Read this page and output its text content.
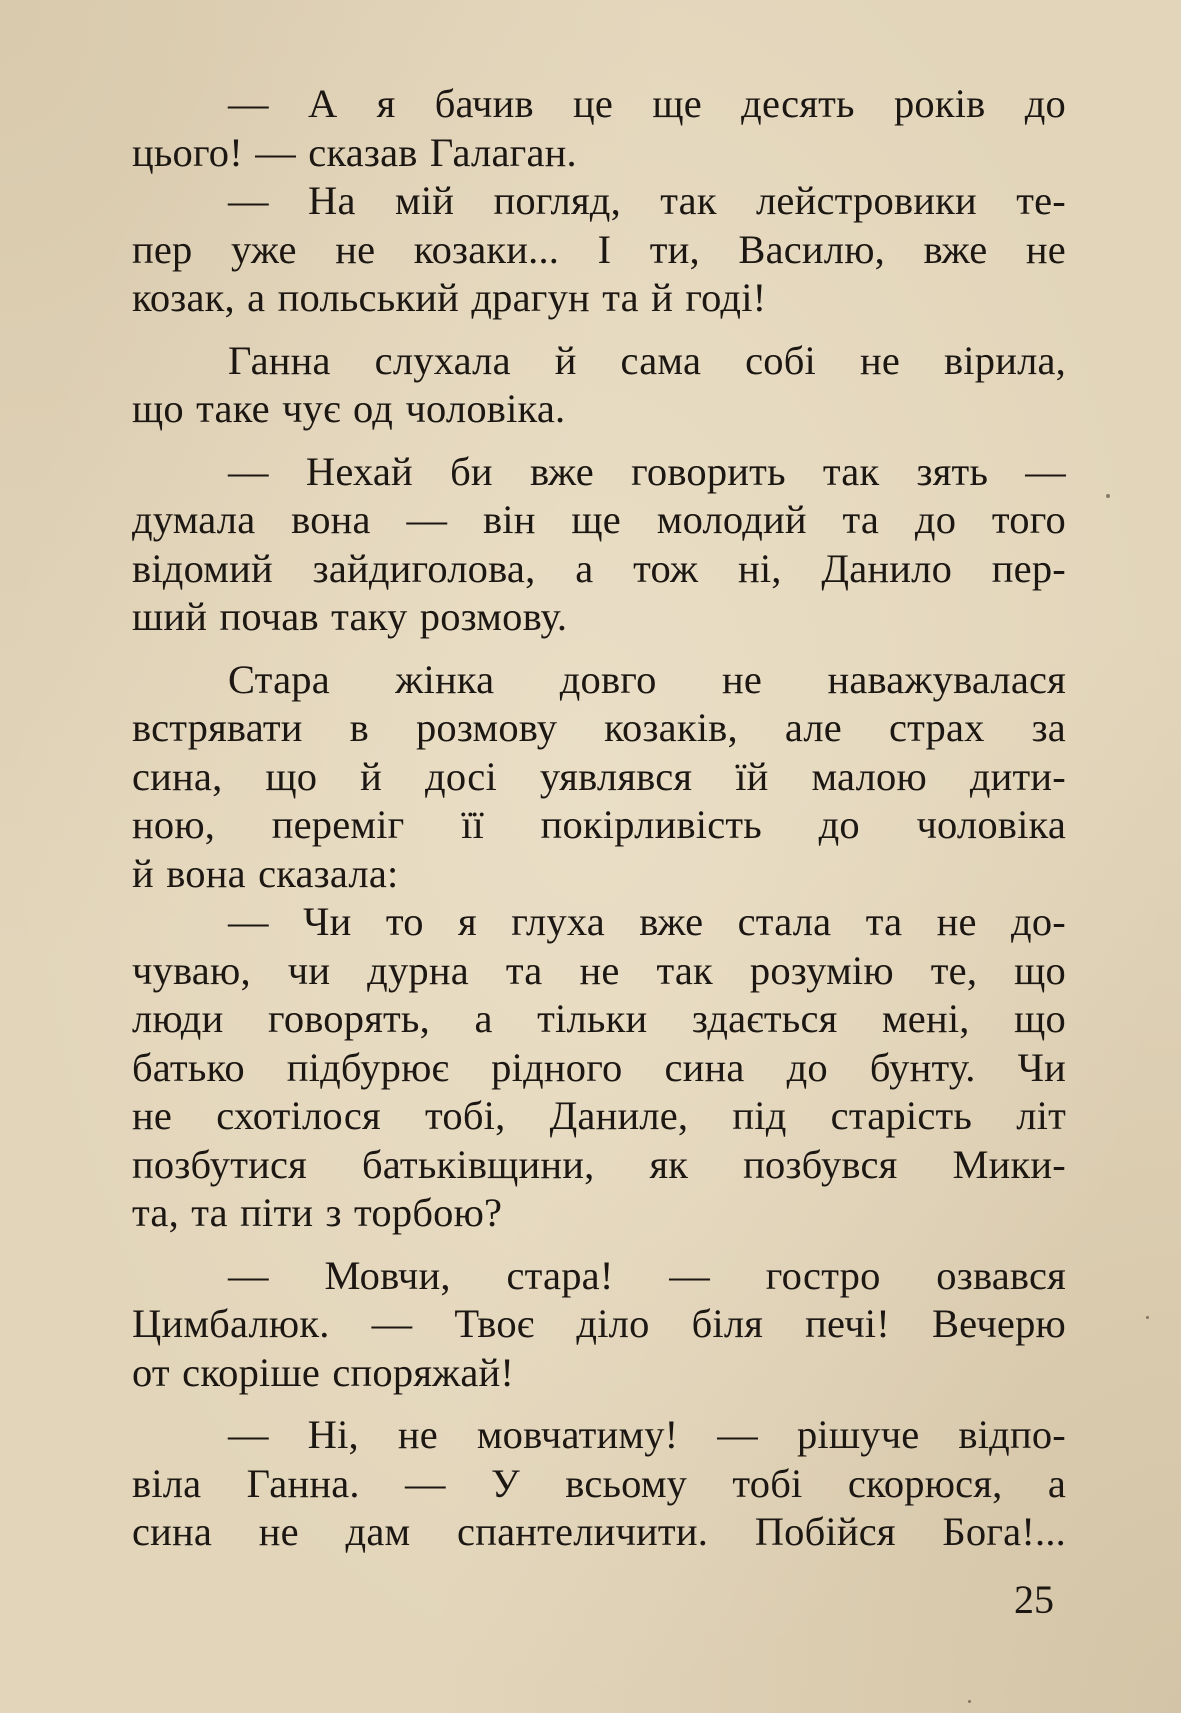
— А я бачив це ще десять років до
цього! — сказав Галаган.
— На мій погляд, так лейстровики те-
пер уже не козаки... І ти, Василю, вже не
козак, а польський драгун та й годі!
Ганна слухала й сама собі не вірила,
що таке чує од чоловіка.
— Нехай би вже говорить так зять —
думала вона — він ще молодий та до того
відомий зайдиголова, а тож ні, Данило пер-
ший почав таку розмову.
Стара жінка довго не наважувалася
встрявати в розмову козаків, але страх за
сина, що й досі уявлявся їй малою дити-
ною, переміг її покірливість до чоловіка
й вона сказала:
— Чи то я глуха вже стала та не до-
чуваю, чи дурна та не так розумію те, що
люди говорять, а тільки здається мені, що
батько підбурює рідного сина до бунту. Чи
не схотілося тобі, Даниле, під старість літ
позбутися батьківщини, як позбувся Мики-
та, та піти з торбою?
— Мовчи, стара! — гостро озвався
Цимбалюк. — Твоє діло біля печі! Вечерю
от скоріше споряжай!
— Ні, не мовчатиму! — рішуче відпо-
віла Ганна. — У всьому тобі скорюся, а
сина не дам спантеличити. Побійся Бога!...
25
